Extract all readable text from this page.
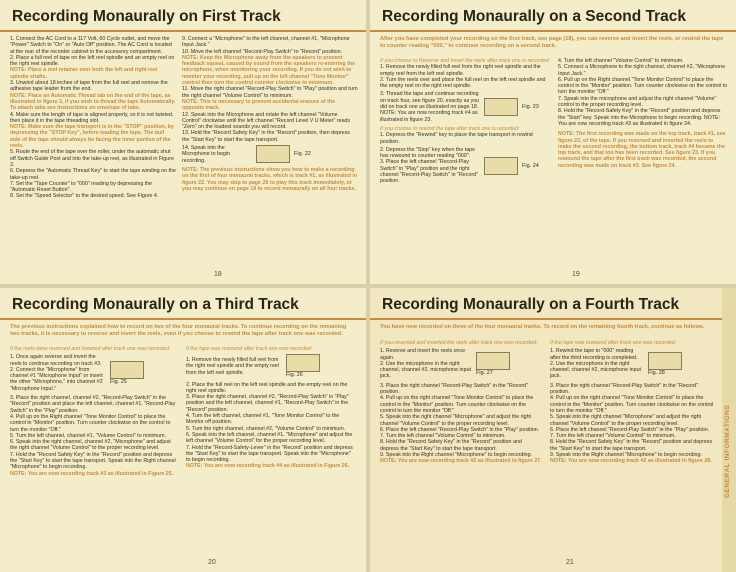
Recording Monaurally on First Track
1. Connect the AC Cord to a 117 Volt, 60 Cycle outlet, and move the "Power" Switch to "On" or "Auto Off" position. The AC Cord is located at the rear of the recorder cabinet in the accessory compartment.
2. Place a full reel of tape on the left reel spindle and an empty reel on the right reel spindle.
NOTE: Place a reel retainer over both the left and right reel spindle shafts.
3. Unwind about 18 inches of tape from the full reel and remove the adhesive tape leader from the end.
NOTE: Place an Automatic Thread tab on the end of the tape, as illustrated in figure 3, if you wish to thread the tape Automatically. To attach tabs see instructions on envelope of tabs.
4. Make sure the length of tape is aligned properly, so it is not twisted, then place it in the tape threading slot.
NOTE: Make sure the tape transport is in the "STOP" position, by depressing the "STOP Key", before loading the tape. The dull side of the tape should always be facing the inner portion of the reels.
5. Route the end of the tape over the roller, under the automatic shut off Switch Guide Post and into the take-up reel, as illustrated in Figure 3.
6. Depress the "Automatic Thread Key" to start the tape winding on the take-up reel.
7. Set the "Tape Counter" to "000" reading by depressing the "Automatic Reset Button".
8. Set the "Speed Selector" to the desired speed. See Figure 4.
9. Connect a "Microphone" to the left channel, channel #1, "Microphone Input Jack."
10. Move the left channel "Record-Play Switch" to "Record" position.
NOTE: Keep the Microphone away from the speakers to prevent feedback squeal, caused by sound from the speakers re-entering the microphone, when monitoring your recording. If you do not wish to monitor your recording, pull up on the left channel "Tone Monitor" control then turn the control counter clockwise to minimum.
11. Move the right channel "Record-Play Switch" to "Play" position and turn the right channel "Volume Control" to minimum.
NOTE: This is necessary to prevent accidental erasure of the opposite track.
12. Speak into the Microphone and rotate the left channel "Volume Control" clockwise until the left channel "Record Level V U Meter" reads "Zero" on the loudest sounds you will record.
13. Hold the "Record Safety Key" in the "Record" position, then depress the "Start Key" to start the tape transport.
14. Speak into the Microphone to begin recording.
Fig. 22
NOTE: The previous instructions show you how to make a recording on the first of four monaural tracks, which is track #1, as illustrated in figure 22. You may skip to page 29 to play this track immediately, or you may continue on page 19 to record monaurally on all four tracks.
18
Recording Monaurally on a Second Track
After you have completed your recording on the first track, see page (18), you can reverse and invert the reels, or rewind the tape to counter reading "000," to continue recording on a second track.
If you choose to Reverse and Invert the reels after track one is recorded:
1. Remove the newly filled full reel from the right reel spindle and the empty reel from the left reel spindle.
2. Turn the reels over and place the full reel on the left reel spindle and the empty reel on the right reel spindle.
3. Thread the tape and continue recording on track four, see figure 20, exactly as you did on track one as illustrated on page 18. NOTE: You are now recording track #4 as illustrated in figure 23.
Fig. 23
If you choose to rewind the tape after track one is recorded:
1. Depress the "Rewind" key to place the tape transport in rewind position.
2. Depress the "Stop" key when the tape has rewound to counter reading "000".
3. Place the left channel "Record-Play Switch" in "Play" position and the right channel "Record-Play Switch" in "Record" position.
Fig. 24
4. Turn the left channel "Volume Control" to minimum.
5. Connect a Microphone to the right channel, channel #2, "Microphone Input Jack."
6. Pull up on the Right channel "Tone Monitor Control" to place the control in the "Monitor" position. Turn counter clockwise on the control to turn the monitor "Off."
7. Speak into the microphone and adjust the right channel "Volume" control to the proper recording level.
8. Hold the "Record-Safety Key" in the "Record" position and depress the "Start" key. Speak into the Microphone to begin recording. NOTE: You are now recording track #3 as illustrated in figure 24.
NOTE: The first recording was made on the top track, track #1, see figure 22, of the tape. If you reversed and inverted the reels to make the second recording, the bottom track, track #4 became the top track, and that too has been recorded. See figure 23. If you rewound the tape after the first track was recorded, the second recording was made on track #3. See figure 24.
19
Recording Monaurally on a Third Track
The previous instructions explained how to record on two of the four monaural tracks. To continue recording on the remaining two tracks, it is necessary to reverse and invert the reels, even if you choose to rewind the tape after track one was recorded.
If the reels were reversed and inverted after track one was recorded:
1. Once again reverse and invert the reels to continue recording on track #3.
2. Connect the "Microphone" from channel #1 "Microphone Input" or insert the other "Microphone," into channel #2 "Microphone Input."
Fig. 25
3. Place the right channel, channel #2, "Record-Play Switch" in the "Record" position and place the left channel, channel #1, "Record-Play Switch" in the "Play" position.
4. Pull up on the Right channel "Tone Monitor Control" to place the control in "Monitor" position. Turn counter clockwise on the control to turn the monitor "Off."
5. Turn the left channel, channel #1, "Volume Control" to minimum.
6. Speak into the right channel, channel #2, "Microphone" and adjust the right channel "Volume Control" to the proper recording level.
7. Hold the "Record Safety Key" in the "Record" position and depress the "Start Key" to start the tape transport. Speak into the Right channel "Microphone" to begin recording.
NOTE: You are now recording track #3 as illustrated in Figure 25.
If the tape was rewound after track one was recorded:
1. Remove the newly filled full reel from the right reel spindle and the empty reel from the left reel spindle.	Fig. 26
2. Place the full reel on the left reel spindle and the empty reel on the right reel spindle.
3. Place the right channel, channel #2, "Record-Play Switch" in "Play" position and the left channel, channel #1, "Record-Play Switch" in the "Record" position.
4. Turn the left channel, channel #1, "Tone Monitor Control" to the Monitor off position.
5. Turn the right channel, channel #2, "Volume Control" to minimum.
6. Speak into the left channel, channel #1, "Microphone" and adjust the left channel "Volume Control" for the proper recording level.
7. Hold the "Record-Safety-Lever" in the "Record" position and depress the "Start Key" to start the tape transport. Speak into the "Microphone" to begin recording.
NOTE: You are now recording track #4 as illustrated in Figure 26.
20
GENERAL INFORMATIONS
Recording Monaurally on a Fourth Track
You have now recorded on three of the four monaural tracks. To record on the remaining fourth track, continue as follows.
If you reversed and inverted the reels after track one was recorded:
1. Reverse and invert the reels once again.
2. Use the microphone in the right channel, channel #2, microphone input jack.
Fig. 27
3. Place the right channel "Record-Play Switch" in the "Record" position.
4. Pull up on the right channel "Tone Monitor Control" to place the control in the "Monitor" position. Turn counter clockwise on the control to turn the monitor "Off."
5. Speak into the right channel "Microphone" and adjust the right channel "Volume Control" to the proper recording level.
6. Place the left channel "Record-Play Switch" in the "Play" position.
7. Turn the left channel "Volume Control" to minimum.
8. Hold the "Record Safety Key" in the "Record" position and depress the "Start Key" to start the tape transport.
9. Speak into the Right channel "Microphone" to begin recording.
NOTE: You are now recording track #2 as illustrated in figure 27.
If the tape was rewound after track one was recorded:
1. Rewind the tape to "000" reading after the third recording is completed.
2. Use the microphone in the right channel, channel #2, microphone input jack.
Fig. 28
3. Place the right channel "Record-Play Switch" in the "Record" position.
4. Pull up on the right channel "Tone Monitor Control" to place the control in the "Monitor" position. Turn counter clockwise on the control to turn the monitor "Off."
5. Speak into the right channel "Microphone" and adjust the right channel "Volume Control" to the proper recording level.
6. Place the left channel "Record-Play Switch" in the "Play" position.
7. Turn the left channel "Volume Control" to minimum.
8. Hold the "Record Safety Key" in the "Record" position and depress the "Start Key" to start the tape transport.
9. Speak into the Right channel "Microphone" to begin recording.
NOTE: You are now recording track #2 as illustrated in figure 28.
21
